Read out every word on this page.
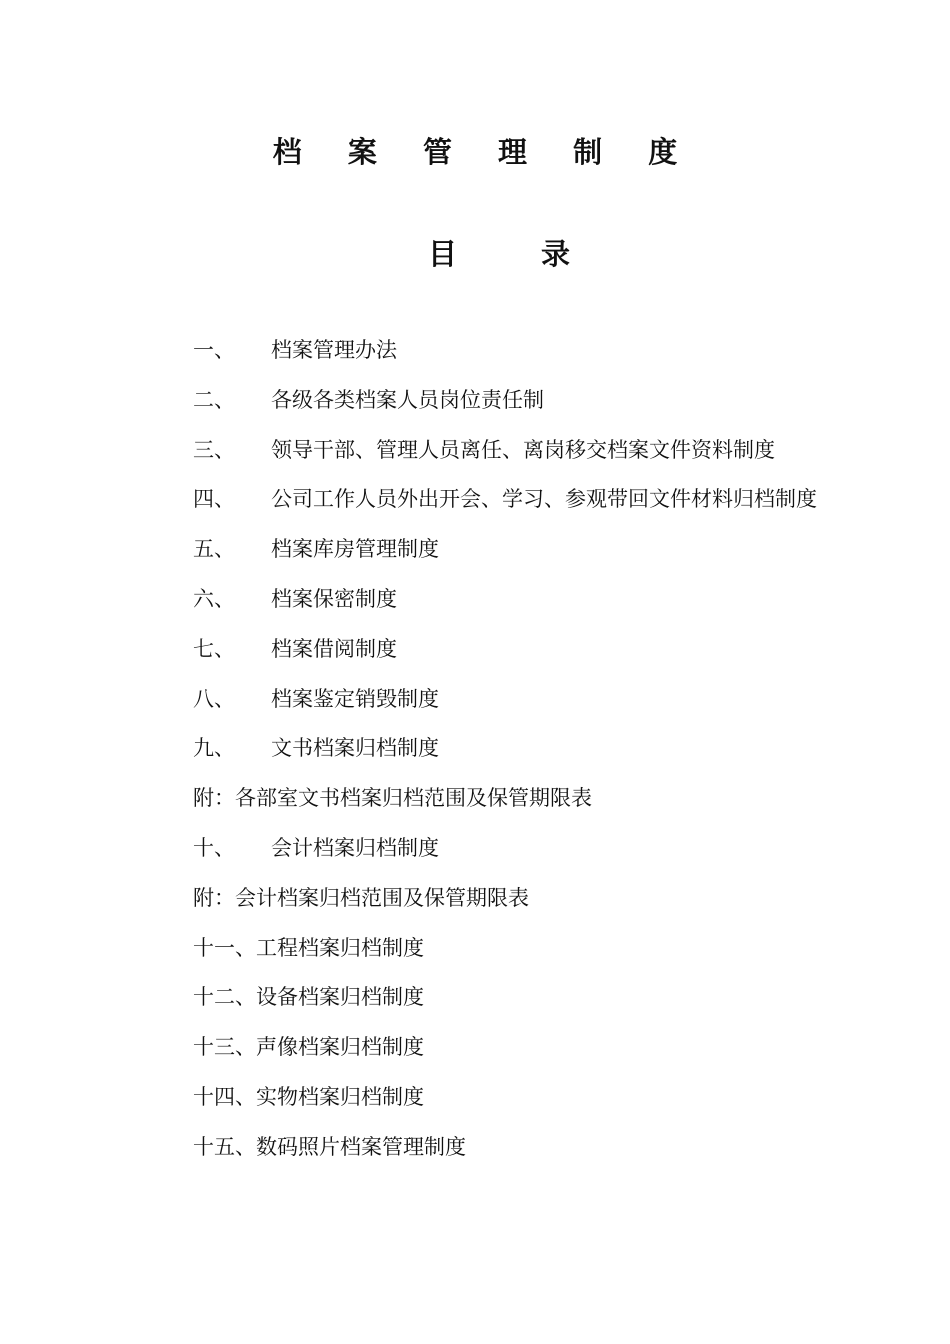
档 案 管 理 制 度
目	录
一、 档案管理办法
二、 各级各类档案人员岗位责任制
三、 领导干部、管理人员离任、离岗移交档案文件资料制度
四、 公司工作人员外出开会、学习、参观带回文件材料归档制度
五、 档案库房管理制度
六、 档案保密制度
七、 档案借阅制度
八、 档案鉴定销毁制度
九、 文书档案归档制度
附：各部室文书档案归档范围及保管期限表
十、 会计档案归档制度
附：会计档案归档范围及保管期限表
十一、工程档案归档制度
十二、设备档案归档制度
十三、声像档案归档制度
十四、实物档案归档制度
十五、数码照片档案管理制度
